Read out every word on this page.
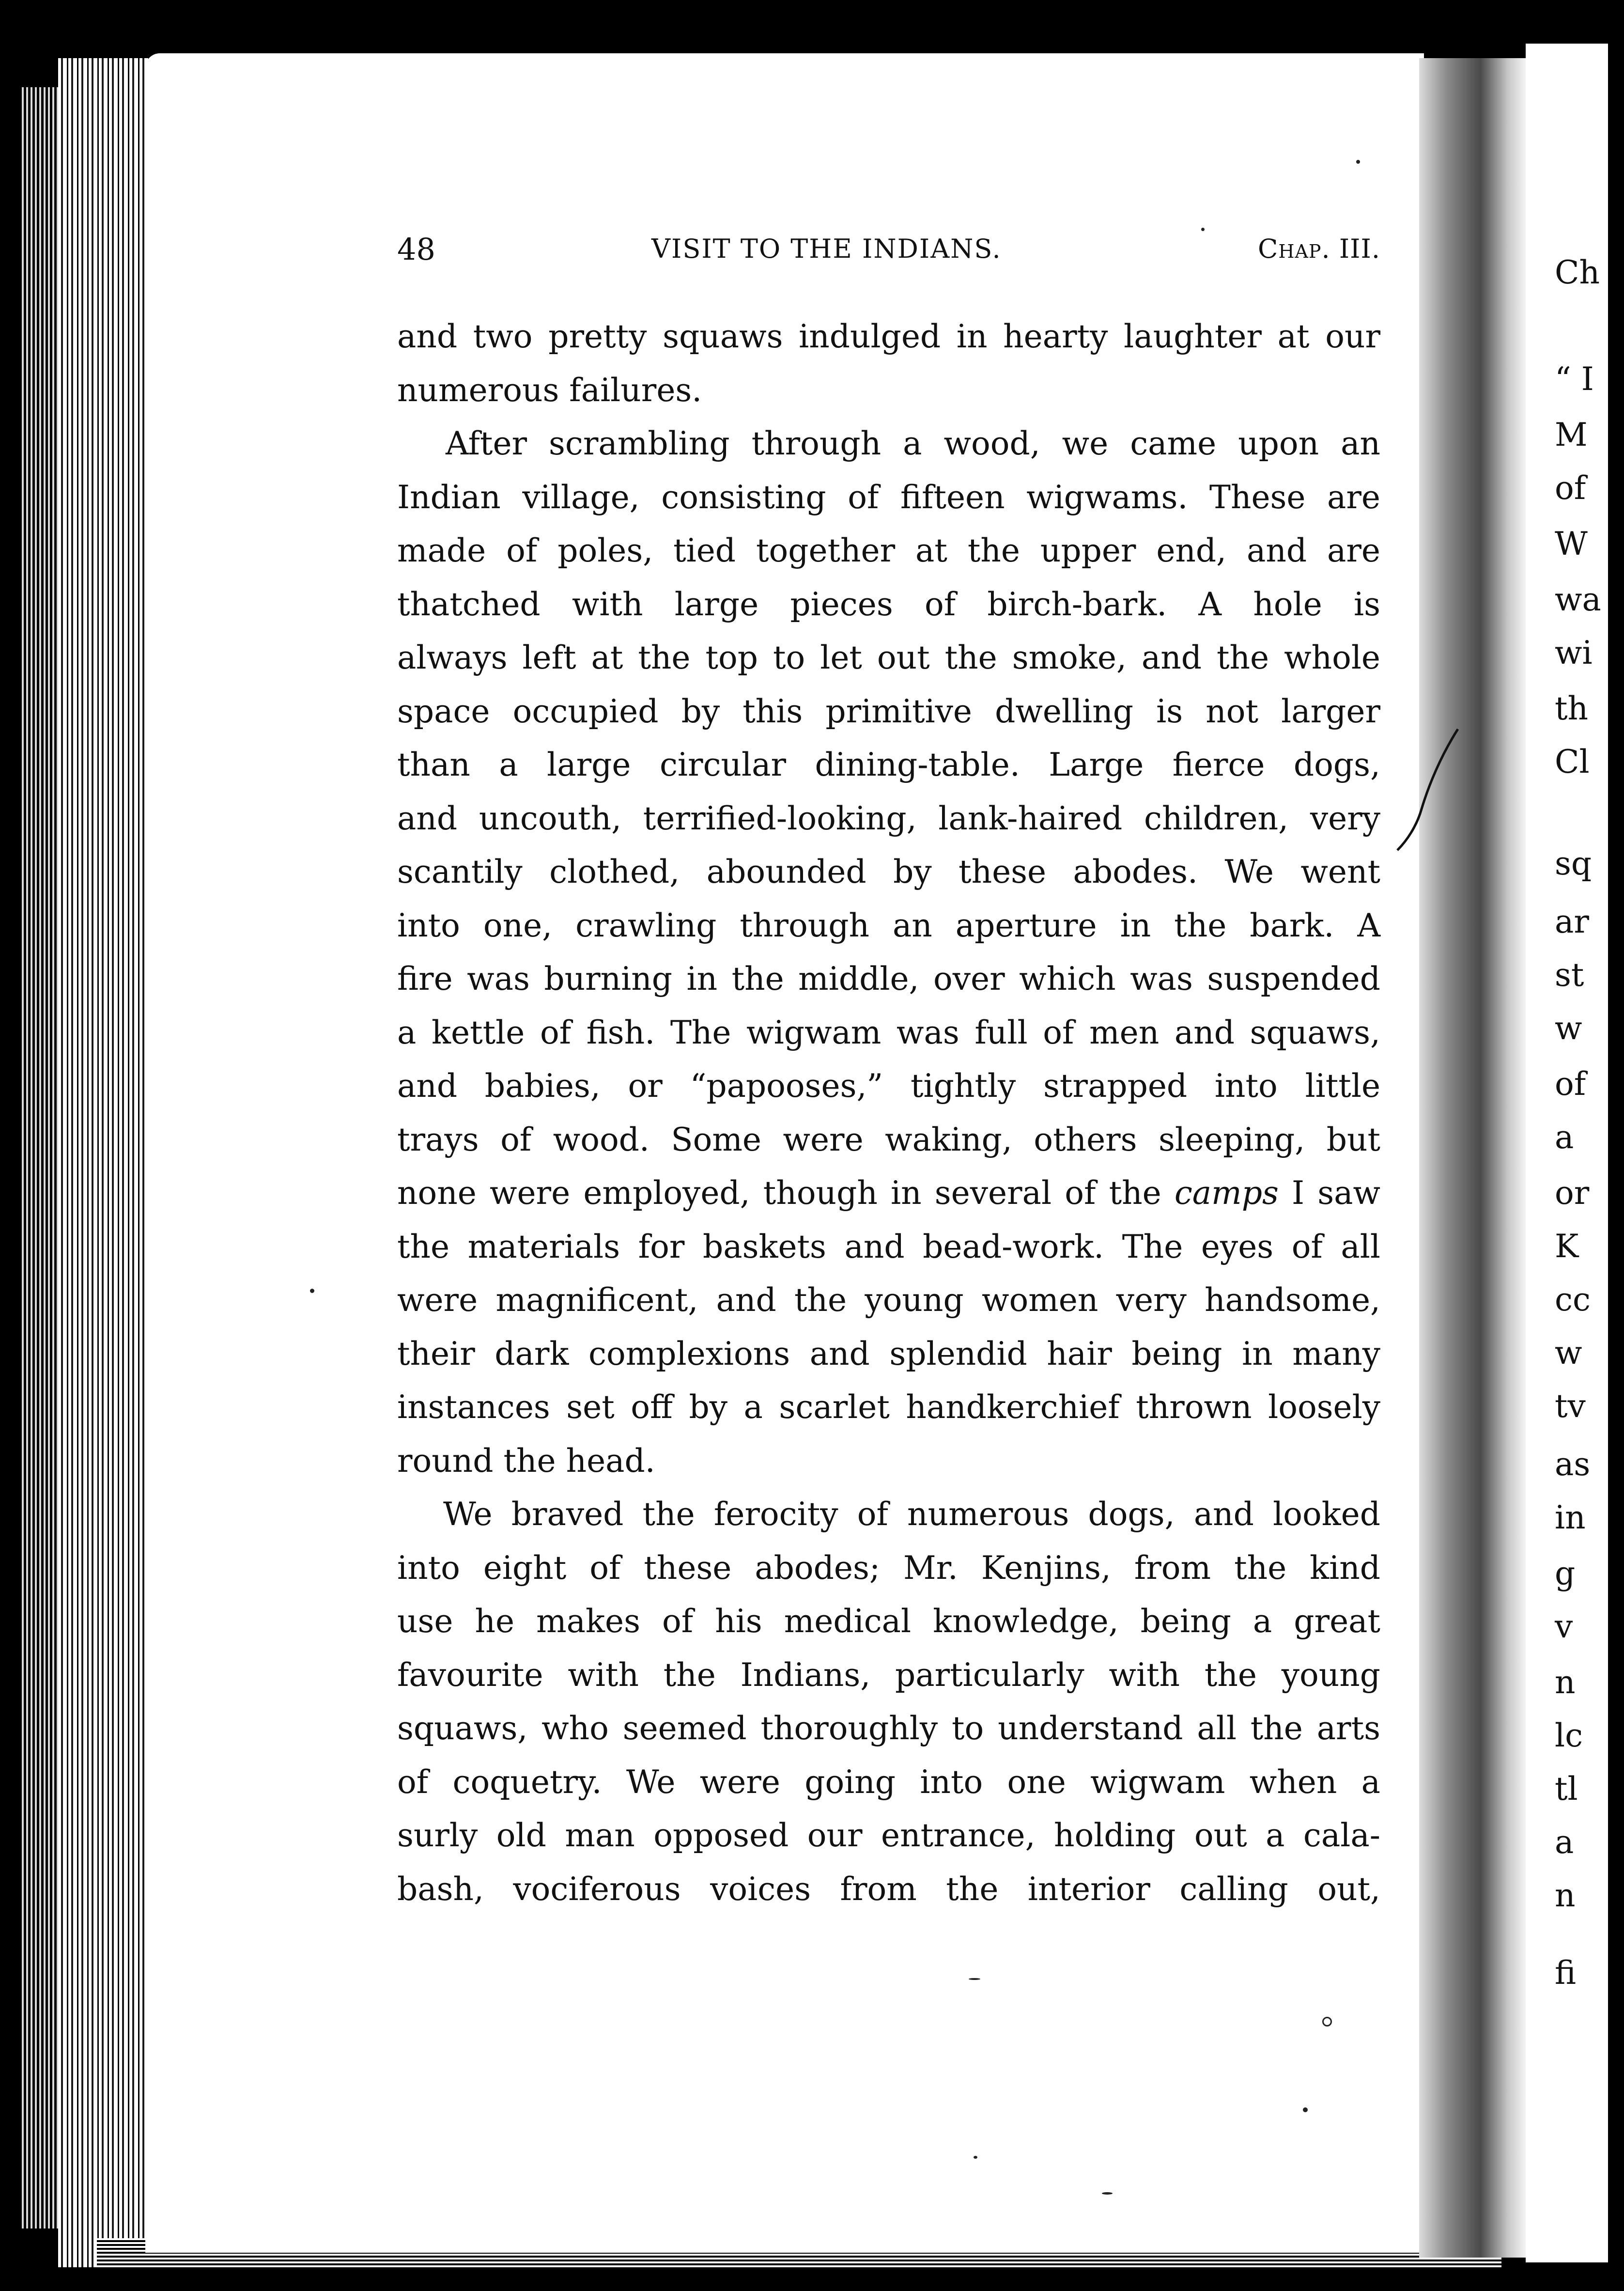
Ch
“ I
M
of
W
wa
wi
th
Cl
sq
ar
st
w
of
a
or
K
cc
w
tv
as
in
g
v
n
lc
tl
a
n
fi
48	VISIT TO THE INDIANS.	Chap. III.

and two pretty squaws indulged in hearty laughter at our
numerous failures.

After scrambling through a wood, we came upon an
Indian village, consisting of fifteen wigwams. These are
made of poles, tied together at the upper end, and are
thatched with large pieces of birch-bark. A hole is
always left at the top to let out the smoke, and the whole
space occupied by this primitive dwelling is not larger
than a large circular dining-table. Large fierce dogs,
and uncouth, terrified-looking, lank-haired children, very
scantily clothed, abounded by these abodes. We went
into one, crawling through an aperture in the bark. A
fire was burning in the middle, over which was suspended
a kettle of fish. The wigwam was full of men and squaws,
and babies, or “papooses,” tightly strapped into little
trays of wood. Some were waking, others sleeping, but
none were employed, though in several of the camps I saw
the materials for baskets and bead-work. The eyes of all
were magnificent, and the young women very handsome,
their dark complexions and splendid hair being in many
instances set off by a scarlet handkerchief thrown loosely
round the head.

We braved the ferocity of numerous dogs, and looked
into eight of these abodes; Mr. Kenjins, from the kind
use he makes of his medical knowledge, being a great
favourite with the Indians, particularly with the young
squaws, who seemed thoroughly to understand all the arts
of coquetry. We were going into one wigwam when a
surly old man opposed our entrance, holding out a cala-
bash, vociferous voices from the interior calling out,
